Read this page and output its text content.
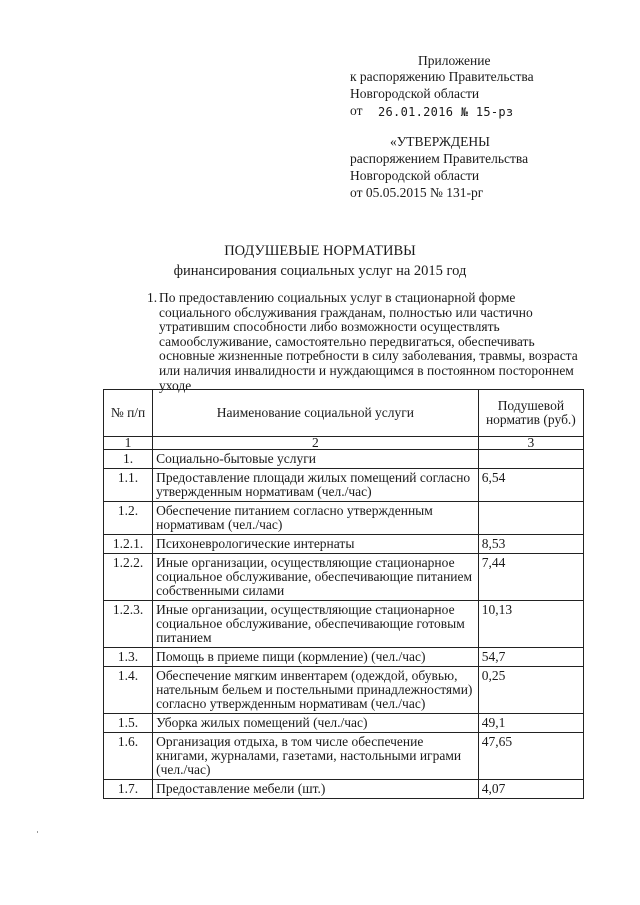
Приложение
к распоряжению Правительства
Новгородской области
от 26.01.2016 № 15-рз
«УТВЕРЖДЕНЫ
распоряжением Правительства
Новгородской области
от 05.05.2015 № 131-рг
ПОДУШЕВЫЕ НОРМАТИВЫ
финансирования социальных услуг на 2015 год
1. По предоставлению социальных услуг в стационарной форме социального обслуживания гражданам, полностью или частично утратившим способности либо возможности осуществлять самообслуживание, самостоятельно передвигаться, обеспечивать основные жизненные потребности в силу заболевания, травмы, возраста или наличия инвалидности и нуждающимся в постоянном постороннем уходе
№ п/п	Наименование социальной услуги	Подушевой норматив (руб.)
1	2	3
1.	Социально-бытовые услуги	
1.1.	Предоставление площади жилых помещений согласно утвержденным нормативам (чел./час)	6,54
1.2.	Обеспечение питанием согласно утвержденным нормативам (чел./час)	
1.2.1.	Психоневрологические интернаты	8,53
1.2.2.	Иные организации, осуществляющие стационарное социальное обслуживание, обеспечивающие питанием собственными силами	7,44
1.2.3.	Иные организации, осуществляющие стационарное социальное обслуживание, обеспечивающие готовым питанием	10,13
1.3.	Помощь в приеме пищи (кормление) (чел./час)	54,7
1.4.	Обеспечение мягким инвентарем (одеждой, обувью, нательным бельем и постельными принадлежностями) согласно утвержденным нормативам (чел./час)	0,25
1.5.	Уборка жилых помещений (чел./час)	49,1
1.6.	Организация отдыха, в том числе обеспечение книгами, журналами, газетами, настольными играми (чел./час)	47,65
1.7.	Предоставление мебели (шт.)	4,07
